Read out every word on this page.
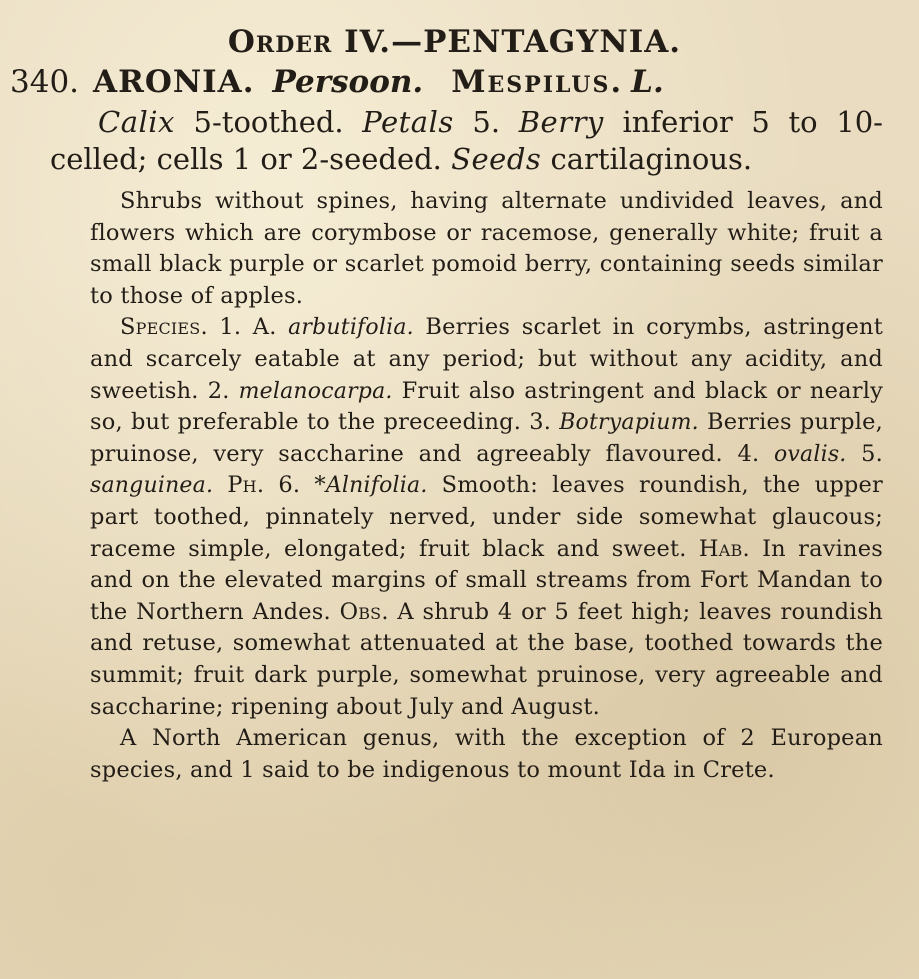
Order IV.—PENTAGYNIA.

340. ARONIA. Persoon. Mespilus. L.

Calix 5-toothed. Petals 5. Berry inferior 5 to 10-celled; cells 1 or 2-seeded. Seeds cartilaginous.

Shrubs without spines, having alternate undivided leaves, and flowers which are corymbose or racemose, generally white; fruit a small black purple or scarlet pomoid berry, containing seeds similar to those of apples.

Species. 1. A. arbutifolia. Berries scarlet in corymbs, astringent and scarcely eatable at any period; but without any acidity, and sweetish. 2. melanocarpa. Fruit also astringent and black or nearly so, but preferable to the preceeding. 3. Botryapium. Berries purple, pruinose, very saccharine and agreeably flavoured. 4. ovalis. 5. sanguinea. Ph. 6. *Alnifolia. Smooth: leaves roundish, the upper part toothed, pinnately nerved, under side somewhat glaucous; raceme simple, elongated; fruit black and sweet. Hab. In ravines and on the elevated margins of small streams from Fort Mandan to the Northern Andes. Obs. A shrub 4 or 5 feet high; leaves roundish and retuse, somewhat attenuated at the base, toothed towards the summit; fruit dark purple, somewhat pruinose, very agreeable and saccharine; ripening about July and August.

A North American genus, with the exception of 2 European species, and 1 said to be indigenous to mount Ida in Crete.
